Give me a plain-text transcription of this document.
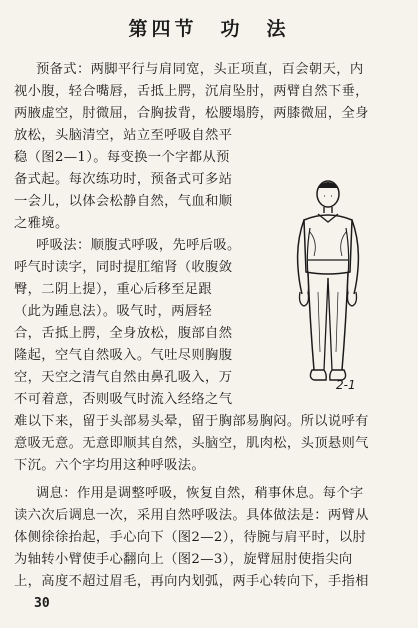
第四节　功　法
预备式：两脚平行与肩同宽，头正项直，百会朝天，内
视小腹，轻合嘴唇，舌抵上腭，沉肩坠肘，两臂自然下垂，
两腋虚空，肘微屈，合胸拔背，松腰塌胯，两膝微屈，全身
放松，头脑清空，站立至呼吸自然平
稳（图2—1）。每变换一个字都从预
备式起。每次练功时，预备式可多站
一会儿，以体会松静自然，气血和顺
之雅境。
呼吸法：顺腹式呼吸，先呼后吸。
呼气时读字，同时提肛缩肾（收腹敛
臀，二阴上提），重心后移至足跟
（此为踵息法）。吸气时，两唇轻
合，舌抵上腭，全身放松，腹部自然
隆起，空气自然吸入。气吐尽则胸腹
空，天空之清气自然由鼻孔吸入，万
不可着意，否则吸气时流入经络之气
难以下来，留于头部易头晕，留于胸部易胸闷。所以说呼有
意吸无意。无意即顺其自然，头脑空，肌肉松，头顶悬则气
下沉。六个字均用这种呼吸法。
调息：作用是调整呼吸，恢复自然，稍事休息。每个字
读六次后调息一次，采用自然呼吸法。具体做法是：两臂从
体侧徐徐抬起，手心向下（图2—2），待腕与肩平时，以肘
为轴转小臂使手心翻向上（图2—3），旋臂屈肘使指尖向
上，高度不超过眉毛，再向内划弧，两手心转向下，手指相
2-1
30
